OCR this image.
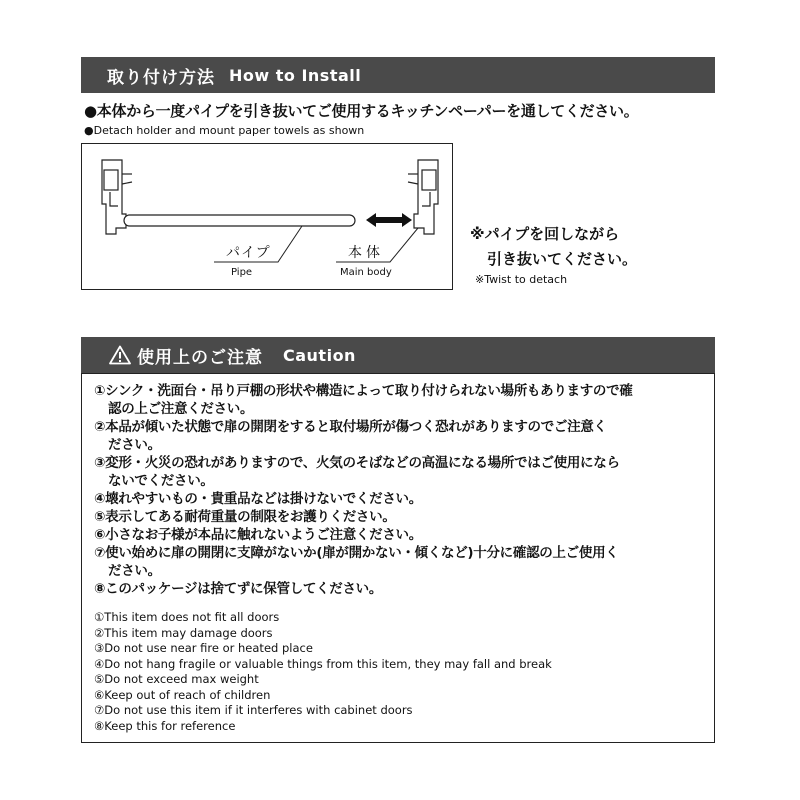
取り付け方法 How to Install
●本体から一度パイプを引き抜いてご使用するキッチンペーパーを通してください。
●Detach holder and mount paper towels as shown
パイプ
Pipe
本体
Main body
※パイプを回しながら
引き抜いてください。
※Twist to detach
使用上のご注意 Caution
①シンク・洗面台・吊り戸棚の形状や構造によって取り付けられない場所もありますので確
認の上ご注意ください。
②本品が傾いた状態で扉の開閉をすると取付場所が傷つく恐れがありますのでご注意く
ださい。
③変形・火災の恐れがありますので、火気のそばなどの高温になる場所ではご使用になら
ないでください。
④壊れやすいもの・貴重品などは掛けないでください。
⑤表示してある耐荷重量の制限をお護りください。
⑥小さなお子様が本品に触れないようご注意ください。
⑦使い始めに扉の開閉に支障がないか(扉が開かない・傾くなど)十分に確認の上ご使用く
ださい。
⑧このパッケージは捨てずに保管してください。
①This item does not fit all doors
②This item may damage doors
③Do not use near fire or heated place
④Do not hang fragile or valuable things from this item, they may fall and break
⑤Do not exceed max weight
⑥Keep out of reach of children
⑦Do not use this item if it interferes with cabinet doors
⑧Keep this for reference
